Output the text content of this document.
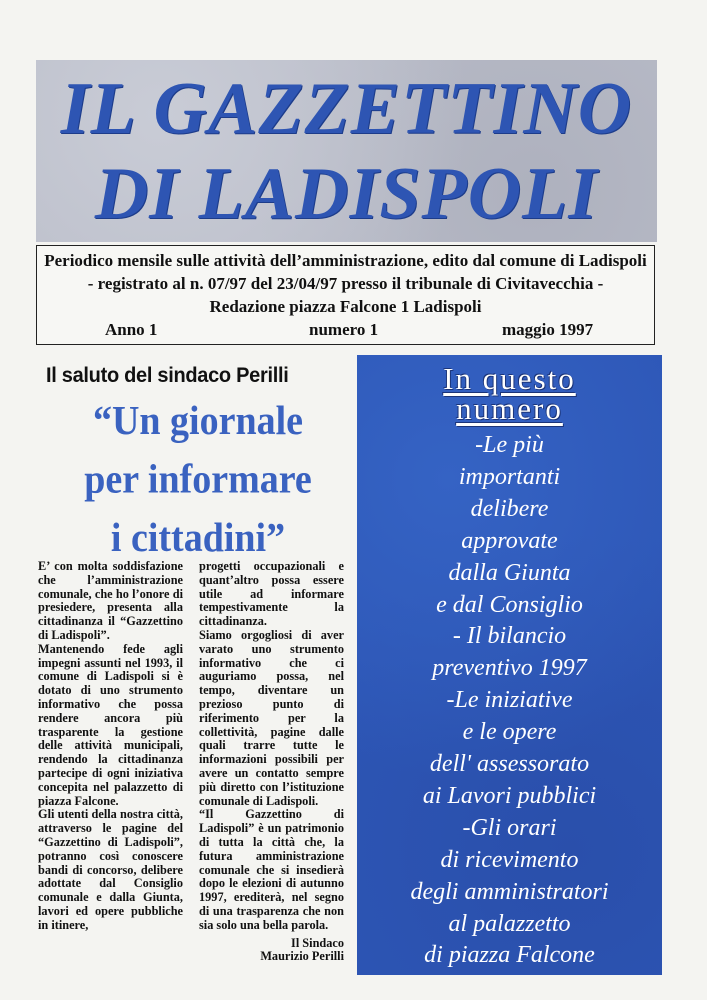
IL GAZZETTINO
DI LADISPOLI
Periodico mensile sulle attività dell’amministrazione, edito dal comune di Ladispoli
- registrato al n. 07/97 del 23/04/97 presso il tribunale di Civitavecchia -
Redazione piazza Falcone 1 Ladispoli
Anno 1	numero 1	maggio 1997
Il saluto del sindaco Perilli
“Un giornale
per informare
i cittadini”

E’ con molta soddisfazione che l’amministrazione comunale, che ho l’onore di presiedere, presenta alla cittadinanza il “Gazzettino di Ladispoli”.

Mantenendo fede agli impegni assunti nel 1993, il comune di Ladispoli si è dotato di uno strumento informativo che possa rendere ancora più trasparente la gestione delle attività municipali, rendendo la cittadinanza partecipe di ogni iniziativa concepita nel palazzetto di piazza Falcone.

Gli utenti della nostra città, attraverso le pagine del “Gazzettino di Ladispoli”, potranno così conoscere bandi di concorso, delibere adottate dal Consiglio comunale e dalla Giunta, lavori ed opere pubbliche in itinere,

progetti occupazionali e quant’altro possa essere utile ad informare tempestivamente la cittadinanza.

Siamo orgogliosi di aver varato uno strumento informativo che ci auguriamo possa, nel tempo, diventare un prezioso punto di riferimento per la collettività, pagine dalle quali trarre tutte le informazioni possibili per avere un contatto sempre più diretto con l’istituzione comunale di Ladispoli.

“Il Gazzettino di Ladispoli” è un patrimonio di tutta la città che, la futura amministrazione comunale che si insedierà dopo le elezioni di autunno 1997, erediterà, nel segno di una trasparenza che non sia solo una bella parola.

Il Sindaco

Maurizio Perilli

In questo
numero
-Le più
importanti
delibere
approvate
dalla Giunta
e dal Consiglio
- Il bilancio
preventivo 1997
-Le iniziative
e le opere
dell' assessorato
ai Lavori pubblici
-Gli orari
di ricevimento
degli amministratori
al palazzetto
di piazza Falcone
